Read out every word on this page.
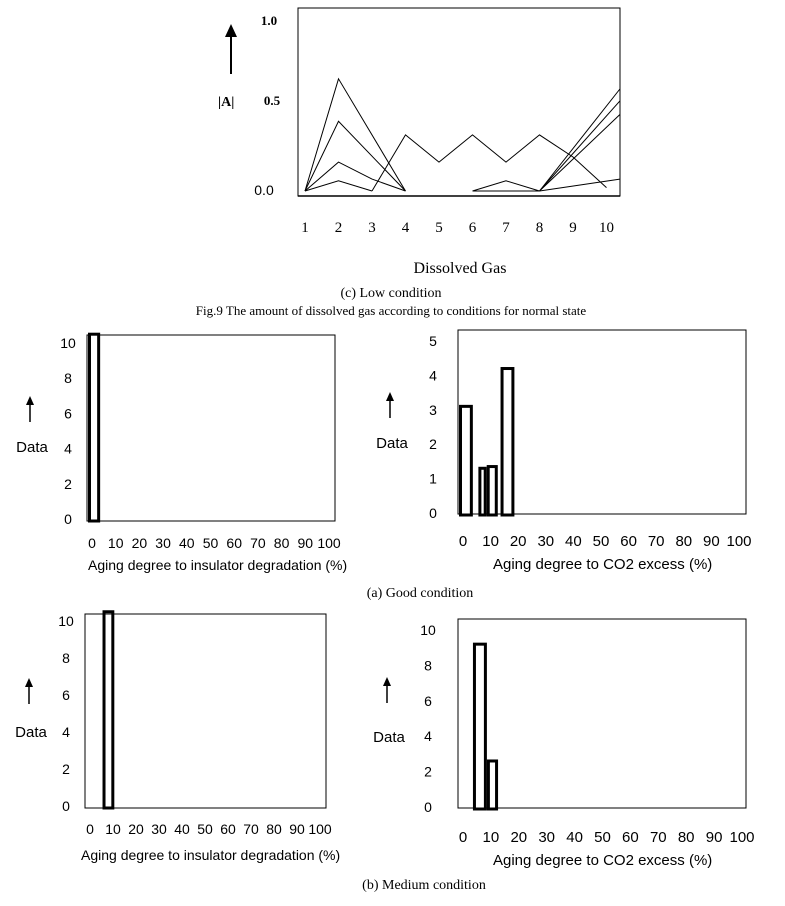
|A|
0.0
0.5
1.0
1 2 3 4 5 6 7 8 9 10
Dissolved Gas
(c) Low condition
Fig.9 The amount of dissolved gas according to conditions for normal state
0
2
4
6
8
10
0 10 20 30 40 50 60 70 80 90 100
Data
Aging degree to insulator degradation (%)
0
1
2
3
4
5
0 10 20 30 40 50 60 70 80 90 100
Data
Aging degree to CO2 excess (%)
(a) Good condition
0
2
4
6
8
10
0 10 20 30 40 50 60 70 80 90 100
Data
Aging degree to insulator degradation (%)
0
2
4
6
8
10
0 10 20 30 40 50 60 70 80 90 100
Data
Aging degree to CO2 excess (%)
(b) Medium condition
